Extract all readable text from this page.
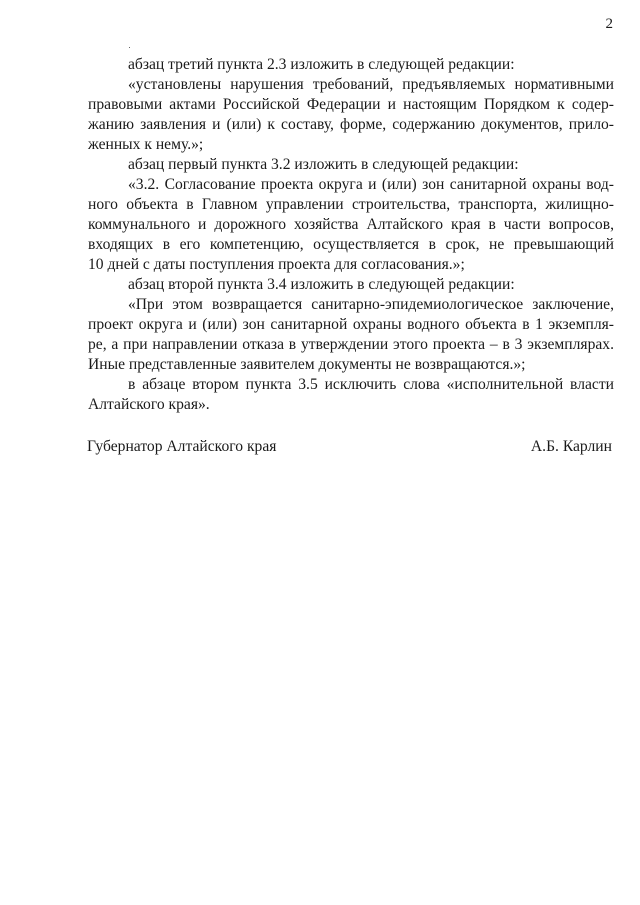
2
абзац третий пункта 2.3 изложить в следующей редакции:
«установлены нарушения требований, предъявляемых нормативными
правовыми актами Российской Федерации и настоящим Порядком к содер-
жанию заявления и (или) к составу, форме, содержанию документов, прило-
женных к нему.»;
абзац первый пункта 3.2 изложить в следующей редакции:
«3.2. Согласование проекта округа и (или) зон санитарной охраны вод-
ного объекта в Главном управлении строительства, транспорта, жилищно-
коммунального и дорожного хозяйства Алтайского края в части вопросов,
входящих в его компетенцию, осуществляется в срок, не превышающий
10 дней с даты поступления проекта для согласования.»;
абзац второй пункта 3.4 изложить в следующей редакции:
«При этом возвращается санитарно-эпидемиологическое заключение,
проект округа и (или) зон санитарной охраны водного объекта в 1 экземпля-
ре, а при направлении отказа в утверждении этого проекта – в 3 экземплярах.
Иные представленные заявителем документы не возвращаются.»;
в абзаце втором пункта 3.5 исключить слова «исполнительной власти
Алтайского края».
Губернатор Алтайского края	А.Б. Карлин
